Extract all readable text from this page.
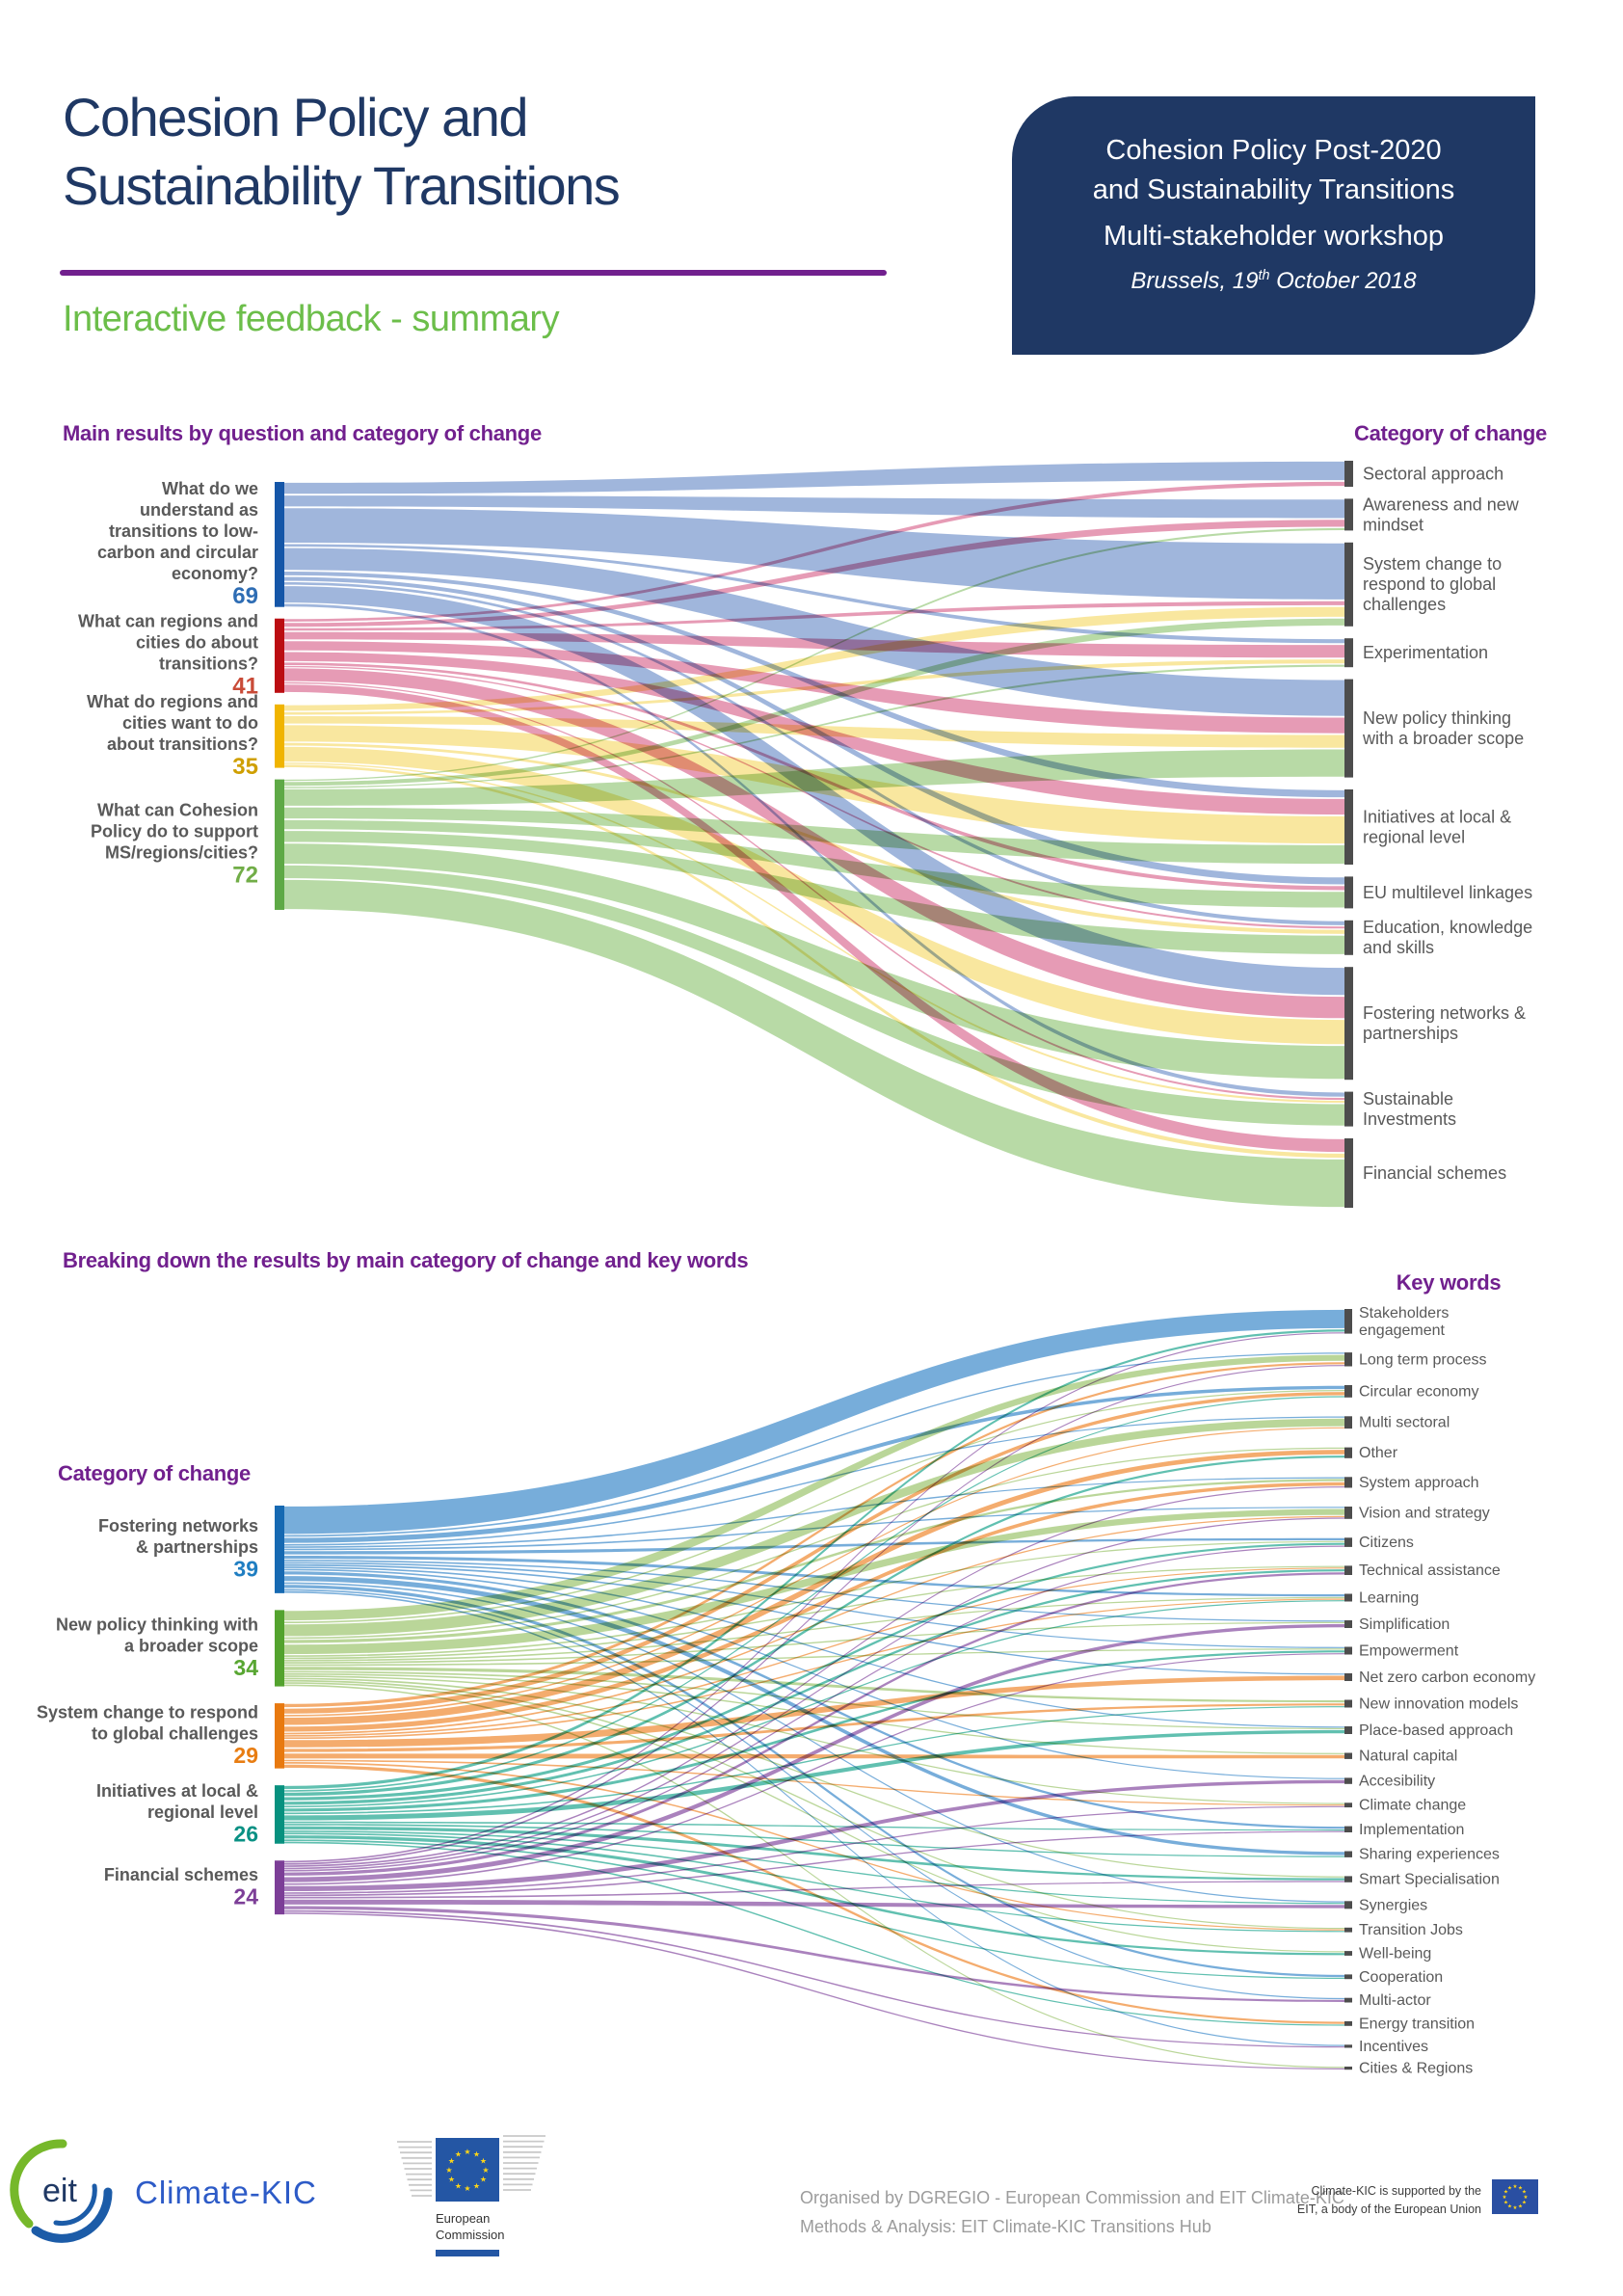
Cohesion Policy and
Sustainability Transitions
Interactive feedback - summary
Cohesion Policy Post-2020
and Sustainability Transitions
Multi-stakeholder workshop
Brussels, 19th October 2018
Main results by question and category of change	Category of change
What do we understand as transitions to low-carbon and circular economy? 69
What can regions and cities do about transitions? 41
What do regions and cities want to do about transitions? 35
What can Cohesion Policy do to support MS/regions/cities? 72
Sectoral approach
Awareness and new mindset
System change to respond to global challenges
Experimentation
New policy thinking with a broader scope
Initiatives at local & regional level
EU multilevel linkages
Education, knowledge and skills
Fostering networks & partnerships
Sustainable Investments
Financial schemes
Breaking down the results by main category of change and key words
Category of change
Key words
Fostering networks & partnerships 39
New policy thinking with a broader scope 34
System change to respond to global challenges 29
Initiatives at local & regional level 26
Financial schemes 24
Stakeholders engagement
Long term process
Circular economy
Multi sectoral
Other
System approach
Vision and strategy
Citizens
Technical assistance
Learning
Simplification
Empowerment
Net zero carbon economy
New innovation models
Place-based approach
Natural capital
Accesibility
Climate change
Implementation
Sharing experiences
Smart Specialisation
Synergies
Transition Jobs
Well-being
Cooperation
Multi-actor
Energy transition
Incentives
Cities & Regions
eit Climate-KIC
★ ★
★
★
★
★
★
★
★
★
★
★
European
Commission
Organised by DGREGIO - European Commission and EIT Climate-KIC
Methods & Analysis: EIT Climate-KIC Transitions Hub
Climate-KIC is supported by the
EIT, a body of the European Union
★ ★
★
★
★
★
★
★
★
★
★
★
